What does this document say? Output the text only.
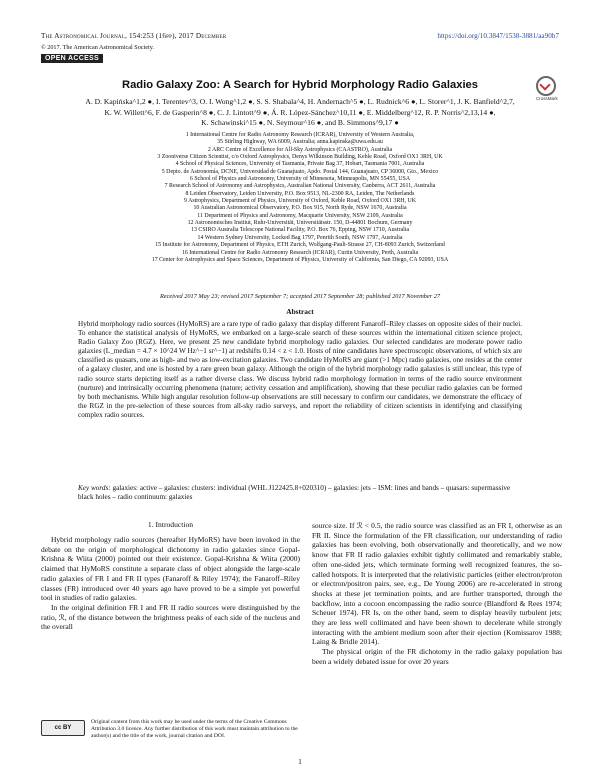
The Astronomical Journal, 154:253 (16pp), 2017 December	https://doi.org/10.3847/1538-3881/aa90b7
© 2017. The American Astronomical Society.
OPEN ACCESS
CrossMark
Radio Galaxy Zoo: A Search for Hybrid Morphology Radio Galaxies
A. D. Kapińska^1,2 ●, I. Terentev^3, O. I. Wong^1,2 ●, S. S. Shabala^4, H. Andernach^5 ●, L. Rudnick^6 ●, L. Storer^1, J. K. Banfield^2,7,
K. W. Willett^6, F. de Gasperin^8 ●, C. J. Lintott^9 ●, Á. R. López-Sánchez^10,11 ●, E. Middelberg^12, R. P. Norris^2,13,14 ●,
K. Schawinski^15 ●, N. Seymour^16 ●, and B. Simmons^9,17 ●
1 International Centre for Radio Astronomy Research (ICRAR), University of Western Australia,
35 Stirling Highway, WA 6009, Australia; anna.kapinska@uwa.edu.au
2 ARC Centre of Excellence for All-Sky Astrophysics (CAASTRO), Australia
3 Zooniverse Citizen Scientist, c/o Oxford Astrophysics, Denys Wilkinson Building, Keble Road, Oxford OX1 3RH, UK
4 School of Physical Sciences, University of Tasmania, Private Bag 37, Hobart, Tasmania 7001, Australia
5 Depto. de Astronomía, DCNE, Universidad de Guanajuato, Apdo. Postal 144, Guanajuato, CP 36000, Gto., Mexico
6 School of Physics and Astronomy, University of Minnesota, Minneapolis, MN 55455, USA
7 Research School of Astronomy and Astrophysics, Australian National University, Canberra, ACT 2611, Australia
8 Leiden Observatory, Leiden University, P.O. Box 9513, NL-2300 RA, Leiden, The Netherlands
9 Astrophysics, Department of Physics, University of Oxford, Keble Road, Oxford OX1 3RH, UK
10 Australian Astronomical Observatory, P.O. Box 915, North Ryde, NSW 1670, Australia
11 Department of Physics and Astronomy, Macquarie University, NSW 2109, Australia
12 Astronomisches Institut, Ruhr-Universität, Universitätsstr. 150, D-44801 Bochum, Germany
13 CSIRO Australia Telescope National Facility, P.O. Box 76, Epping, NSW 1710, Australia
14 Western Sydney University, Locked Bag 1797, Penrith South, NSW 1797, Australia
15 Institute for Astronomy, Department of Physics, ETH Zurich, Wolfgang-Pauli-Strasse 27, CH-8093 Zurich, Switzerland
16 International Centre for Radio Astronomy Research (ICRAR), Curtin University, Perth, Australia
17 Center for Astrophysics and Space Sciences, Department of Physics, University of California, San Diego, CA 92093, USA
Received 2017 May 23; revised 2017 September 7; accepted 2017 September 28; published 2017 November 27
Abstract
Hybrid morphology radio sources (HyMoRS) are a rare type of radio galaxy that display different Fanaroff–Riley classes on opposite sides of their nuclei. To enhance the statistical analysis of HyMoRS, we embarked on a large-scale search of these sources within the international citizen science project, Radio Galaxy Zoo (RGZ). Here, we present 25 new candidate hybrid morphology radio galaxies. Our selected candidates are moderate power radio galaxies (L_median = 4.7 × 10^24 W Hz^−1 sr^−1) at redshifts 0.14 < z < 1.0. Hosts of nine candidates have spectroscopic observations, of which six are classified as quasars, one as high- and two as low-excitation galaxies. Two candidate HyMoRS are giant (>1 Mpc) radio galaxies, one resides at the center of a galaxy cluster, and one is hosted by a rare green bean galaxy. Although the origin of the hybrid morphology radio galaxies is still unclear, this type of radio source starts depicting itself as a rather diverse class. We discuss hybrid radio morphology formation in terms of the radio source environment (nurture) and intrinsically occurring phenomena (nature; activity cessation and amplification), showing that these peculiar radio galaxies can be formed by both mechanisms. While high angular resolution follow-up observations are still necessary to confirm our candidates, we demonstrate the efficacy of the RGZ in the pre-selection of these sources from all-sky radio surveys, and report the reliability of citizen scientists in identifying and classifying complex radio sources.
Key words: galaxies: active – galaxies: clusters: individual (WHL J122425.8+020310) – galaxies: jets – ISM: lines and bands – quasars: supermassive black holes – radio continuum: galaxies
1. Introduction

Hybrid morphology radio sources (hereafter HyMoRS) have been invoked in the debate on the origin of morphological dichotomy in radio galaxies since Gopal-Krishna & Wiita (2000) pointed out their existence. Gopal-Krishna & Wiita (2000) claimed that HyMoRS constitute a separate class of object alongside the large-scale radio galaxies of FR I and FR II types (Fanaroff & Riley 1974); the Fanaroff–Riley classes (FR) introduced over 40 years ago have proved to be a simple yet powerful tool in studies of radio galaxies.

In the original definition FR I and FR II radio sources were distinguished by the ratio, ℛ, of the distance between the brightness peaks of each side of the nucleus and the overall

source size. If ℛ < 0.5, the radio source was classified as an FR I, otherwise as an FR II. Since the formulation of the FR classification, our understanding of radio galaxies has been evolving, both observationally and theoretically, and we now know that FR II radio galaxies exhibit tightly collimated and remarkably stable, often one-sided jets, which terminate forming well recognized features, the so-called hotspots. It is interpreted that the relativistic particles (either electron/proton or electron/positron pairs, see, e.g., De Young 2006) are re-accelerated in strong shocks at these jet termination points, and are further transported, through the backflow, into a cocoon encompassing the radio source (Blandford & Rees 1974; Scheuer 1974). FR Is, on the other hand, seem to display heavily turbulent jets; they are less well collimated and have been shown to decelerate while strongly interacting with the ambient medium soon after their ejection (Komissarov 1988; Laing & Bridle 2014).

The physical origin of the FR dichotomy in the radio galaxy population has been a widely debated issue for over 20 years

cc BY
Original content from this work may be used under the terms of the Creative Commons Attribution 3.0 licence. Any further distribution of this work must maintain attribution to the author(s) and the title of the work, journal citation and DOI.
1
